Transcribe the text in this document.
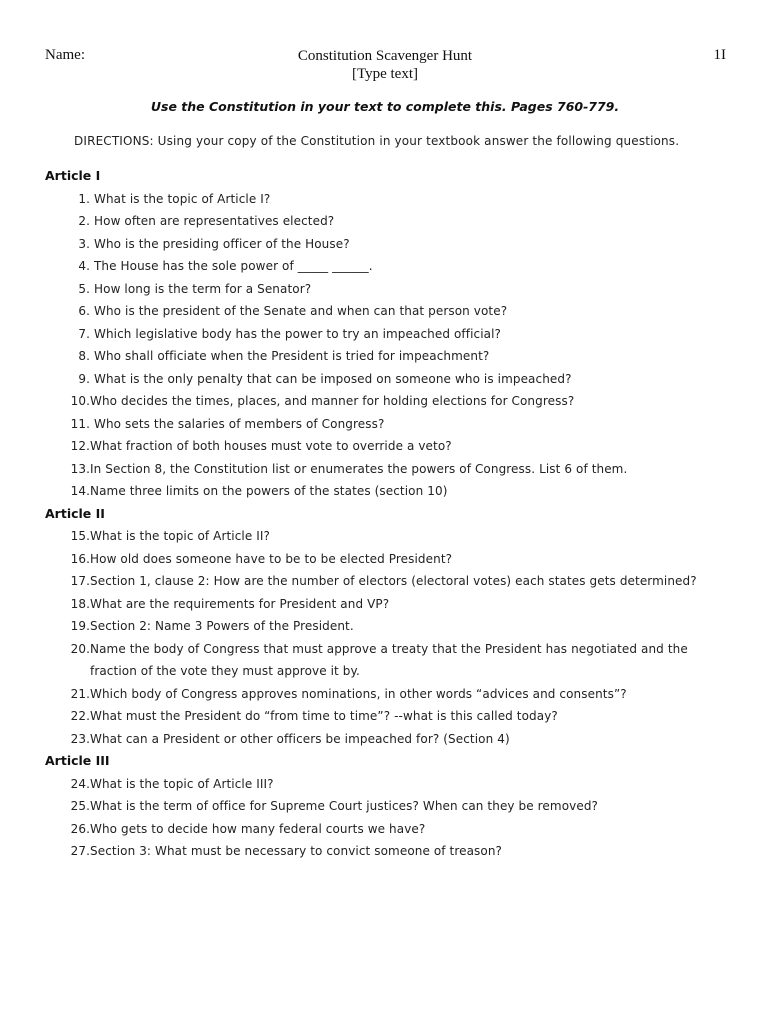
Constitution Scavenger Hunt
[Type text]
Name:	1I
Use the Constitution in your text to complete this. Pages 760-779.
DIRECTIONS: Using your copy of the Constitution in your textbook answer the following questions.
Article I
1. What is the topic of Article I?
2. How often are representatives elected?
3. Who is the presiding officer of the House?
4. The House has the sole power of _____ ______.
5. How long is the term for a Senator?
6. Who is the president of the Senate and when can that person vote?
7. Which legislative body has the power to try an impeached official?
8. Who shall officiate when the President is tried for impeachment?
9. What is the only penalty that can be imposed on someone who is impeached?
10. Who decides the times, places, and manner for holding elections for Congress?
11. Who sets the salaries of members of Congress?
12. What fraction of both houses must vote to override a veto?
13. In Section 8, the Constitution list or enumerates the powers of Congress. List 6 of them.
14. Name three limits on the powers of the states (section 10)
Article II
15. What is the topic of Article II?
16. How old does someone have to be to be elected President?
17. Section 1, clause 2: How are the number of electors (electoral votes) each states gets determined?
18. What are the requirements for President and VP?
19. Section 2: Name 3 Powers of the President.
20. Name the body of Congress that must approve a treaty that the President has negotiated and the fraction of the vote they must approve it by.
21. Which body of Congress approves nominations, in other words “advices and consents”?
22. What must the President do “from time to time”? --what is this called today?
23. What can a President or other officers be impeached for? (Section 4)
Article III
24. What is the topic of Article III?
25. What is the term of office for Supreme Court justices? When can they be removed?
26. Who gets to decide how many federal courts we have?
27. Section 3: What must be necessary to convict someone of treason?
